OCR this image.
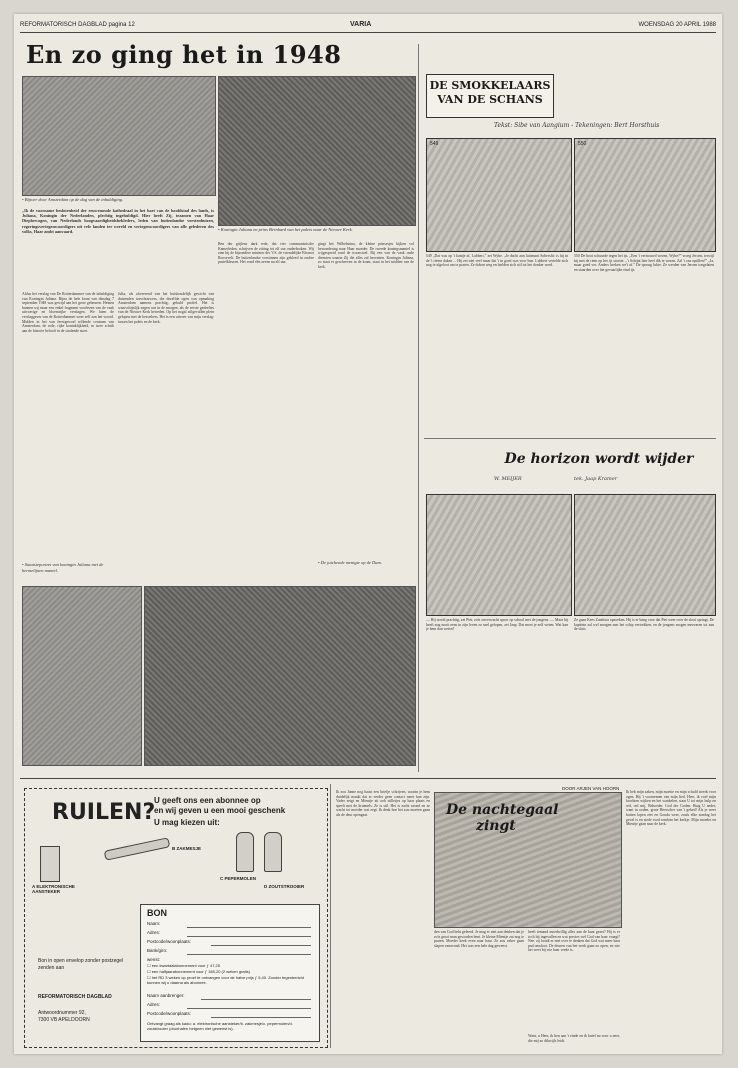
REFORMATORISCH DAGBLAD pagina 12	VARIA	WOENSDAG 20 APRIL 1988
En zo ging het in 1948
• Bijtoer door Amsterdam op de dag van de inhuldiging.
• Koningin Juliana en prins Bernhard van het paleis naar de Nieuwe Kerk.
„Ik de voorname beslotenheid der eeuwenoude kathedraal in het hart van de hoofdstad des lands, is Juliana, Koningin der Nederlanden, plechtig ingehuldigd. Hier heeft Zij, tezamen van Haar Diepbewogen, van Nederlands hoogvaardigheidsbekleders, leden van buitenlandse vorstenhuizen, regeringsvertegenwoordigers uit vele landen ter wereld en vertegenwoordigers van alle gelederen des volks, Haar ambt aanvaard.
Aldus het verslag van De Rotterdammer van de inhuldiging van Koningin Juliana. Bijna de hele krant van dinsdag 7 september 1948 was gewijd aan het grote gebeuren. Heinen bannen wij maar een enkel fragment voorlezen van de vaak uitvoerige en bloemrijke verslagen. We laten de verslaggever van de Rotterdammer weer zelf aan het woord. Midden in het van feestgewoel trillende centrum van Amsterdam, de rode, rijke koninklijkheid, in twee schrik aan de historie belooft in de stralende stoet.
Julia, als afweerend van het huishoudelijk gewicht van duizenden toeschouwers, die dezelfde ogen van opmaking Amsterdam namens prachtig, gehuld profiel. Het is waarschijnlijk negen uur in de morgen, als de eerste gedeeltes van de Nieuwe Kerk betreden. Op het nogal stilgevallen plein gelopen met de bezoekers. Het is een uitvoer van mijn verslag: tussen het paleis en de kerk.
Ben der grijlens dark rede, dat vier communistische Kamerleden, schrijven de zitting tot elf uur onderbroken. Wij zien bij de bijzondere minister der V.S. de vriendelijke Eleanor Roosevelt. De buitenlandse vorstinnen zijn gekleed in zachte pastelkleuren. Het vond één zeven na elf uur.
gingt het Wilhelmina, de kleine prinsesjes kijken vol bewondering naar Haar moeder. De tweede koningsmantel is wijgespreid rond de troonstoel. Bij een van de vaak oude diensten waarin Zij die alles zal hervatten. Koningin Juliana, zo staat er geschreven in de krant, staat in het midden van de kerk.
• Staatsieportret van koningin Juliana met de hermelijnen mantel.
• De juichende menigte op de Dam.
DE SMOKKELAARS
VAN DE SCHANS
Tekst: Sibe van Aangium - Tekeningen: Bert Horsthuis
549	550
549 „Dat was op 't kantje af, Lubbert,” zei Wybe. „Je dacht aan luitenant Sobersfit: is hij in de 't rieten daken ... Hij zei niet veel maar dat 't in goed was voor hun. Lubbert vertelde zich nog te afgeloot om te praten. Ze doken weg en hielden zich stil tot het donker werd.
550 De boot schuurde tegen het ijs. „Een 't vertrouwd wezen, Wybe?” vroeg Jeroen, terwijl hij met de riem op het ijs stootte. „'t Schijnt hier heel dik te wezen. Zal 't ons optillen?” „Ja, maar goed ver. Anders breken we't af.” De sprong lukte. Ze werden van Jeroen toegelaten en staarden over het gevaarlijke eind ijs.
De horizon wordt wijder
W. MEIJER	tek. Jaap Kramer
— Hij wordt prachtig, zei Piet, zo'n onverwacht spoor op school met de jongens. — Maar hij heeft nog nooit eens in zijn leven zo snel gelopen, zei Jaap. Dat moet je zelf weten. Wat kan je hem dan weten?
Ze gaan Kees Zandstra opzoeken. Hij is er bang voor dat Piet weer over de sloot springt. De kapitein zal wel morgen met het schip vertrekken, en de jongens mogen meevaren tot aan de sluis.
RUILEN?
U geeft ons een abonnee op
en wij geven u een mooi geschenk
U mag kiezen uit:
A ELEKTRONISCHE AANSTEKER
B ZAKMESJE
C PEPERMOLEN
D ZOUTSTROOIER
BON
Naam:
Adres:
Postcode/woonplaats:
Bank/giro:
wenst:
☐ een kwartaalabonnement voor ƒ 47,25
☐ een halfjaarabonnement voor ƒ 185,20 (2 weken gratis)
☐ het RD 3 weken op proef te ontvangen voor de halve prijs ƒ 5,40. Zonder tegenbericht kunnen wij u daarna als abonnee.
Naam aanbrenger:
Adres:
Postcode/woonplaats:
Ontvangt graag als kado: a. elektronische aansteker/b. zakmesje/c. pepermolen/d. zoutstrooier (doorhalen hetgeen niet gewenst is).
Bon in open envelop zonder postzegel zenden aan
REFORMATORISCH DAGBLAD
Antwoordnummer 92,
7300 VB APELDOORN
Ik zou Janne nog haast een briefje schrijven, waarin je hem duidelijk maakt dat er verder geen contact meer kan zijn. Vader zeigt en Mientje zit ook stilletjes op haar plaats en speelt met de kruimels. Ze is stil. Het is zacht avond en ze wacht tot moeder wat zegt. Ik denk hoe het zou moeten gaan als de deur opengaat.
DOOR ARJEN VAN HOORN
De nachtegaal
zingt
den van God hebt geleerd. Je mag er niet aan denken dat je zo'n groot man geworden bent. Je kleine Mientje zat nog te praten. Moeder keek even naar haar. Ze zou zeker gaan slapen vanavond. Het was een hele dag geweest.
heeft iemand moedwillig alles aan de kant gezet? Hij is er toch bij ingevallen en wat precies wel God van haar vraagt? Nee, zij houdt er niet over te denken dat God wat meer haar pad omsloot. De deuren van het werk gaan zo open, en wie het weet bij wie haar vrede is.
Want, u Heer, ik ben aan 't einde en ik kniel nu voor u neer, die mij zo dikwijls leidt.
Ik heb mijn zaken, mijn moeite en mijn schuld steeds voor ogen. Hij 't voornemen van mijn lied. Heer, ik voel mijn krachten wijken en het wankelen, staat U tot mijn hulp en red, red mij, Behoeder. God der Goden. Buig U neder, want in ooden, grote Heerscher van 't gebed! Als je weer buiten lopen ziet en Gouda weer, zoals elke zondag het geval is en stede rood rondom het kerkje. Mijn moeder en Mientje gaan naar de kerk.
